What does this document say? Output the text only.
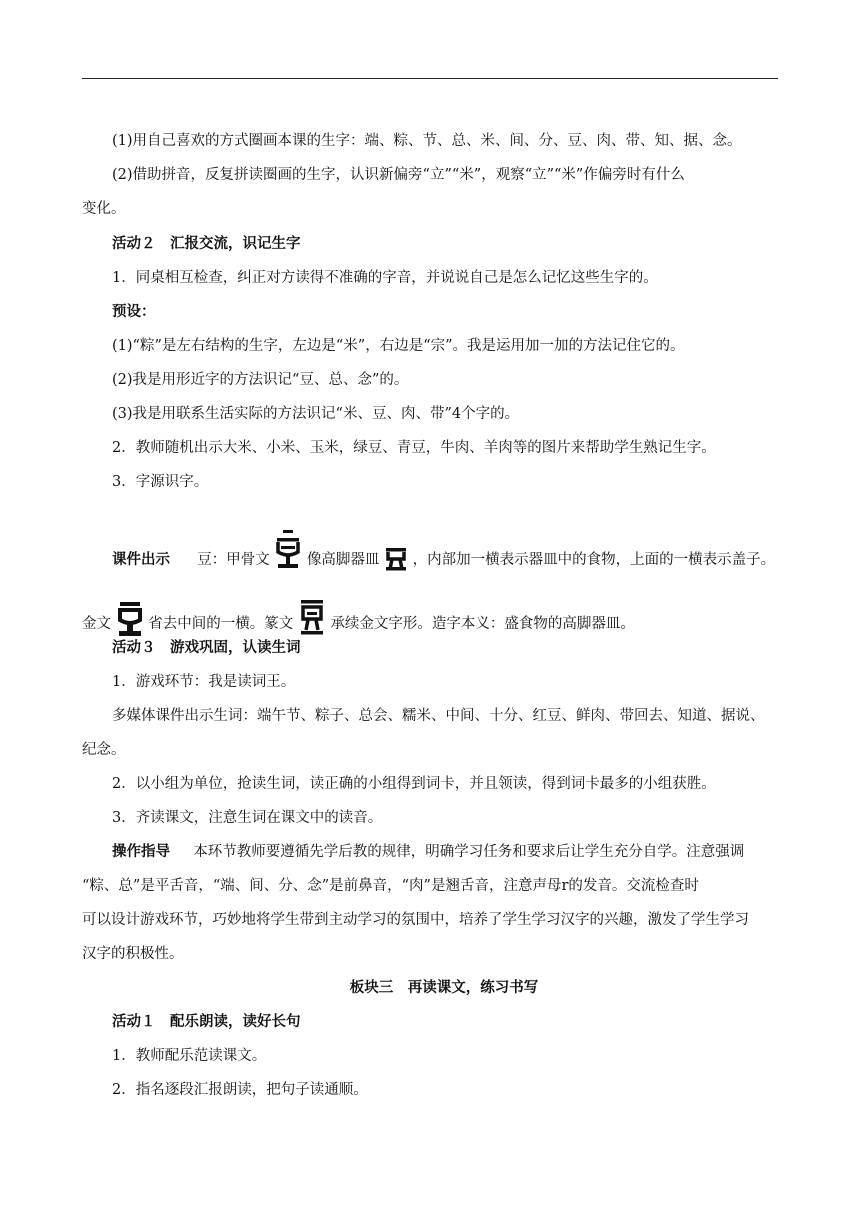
(1)用自己喜欢的方式圈画本课的生字：端、粽、节、总、米、间、分、豆、肉、带、知、据、念。
(2)借助拼音，反复拼读圈画的生字，认识新偏旁“立”“米”，观察“立”“米”作偏旁时有什么
变化。
活动２　汇报交流，识记生字
1．同桌相互检查，纠正对方读得不准确的字音，并说说自己是怎么记忆这些生字的。
预设：
(1)“粽”是左右结构的生字，左边是“米”，右边是“宗”。我是运用加一加的方法记住它的。
(2)我是用形近字的方法识记“豆、总、念”的。
(3)我是用联系生活实际的方法识记“米、豆、肉、带”4个字的。
2．教师随机出示大米、小米、玉米，绿豆、青豆，牛肉、羊肉等的图片来帮助学生熟记生字。
3．字源识字。
课件出示 豆：甲骨文	像高脚器皿 ，内部加一横表示器皿中的食物，上面的一横表示盖子。
金文	省去中间的一横。篆文	承续金文字形。造字本义：盛食物的高脚器皿。
活动３　游戏巩固，认读生词
1．游戏环节：我是读词王。
多媒体课件出示生词：端午节、粽子、总会、糯米、中间、十分、红豆、鲜肉、带回去、知道、据说、
纪念。
2．以小组为单位，抢读生词，读正确的小组得到词卡，并且领读，得到词卡最多的小组获胜。
3．齐读课文，注意生词在课文中的读音。
操作指导 本环节教师要遵循先学后教的规律，明确学习任务和要求后让学生充分自学。注意强调
“粽、总”是平舌音，“端、间、分、念”是前鼻音，“肉”是翘舌音，注意声母r的发音。交流检查时
可以设计游戏环节，巧妙地将学生带到主动学习的氛围中，培养了学生学习汉字的兴趣，激发了学生学习
汉字的积极性。
板块三　再读课文，练习书写
活动１　配乐朗读，读好长句
1．教师配乐范读课文。
2．指名逐段汇报朗读，把句子读通顺。
